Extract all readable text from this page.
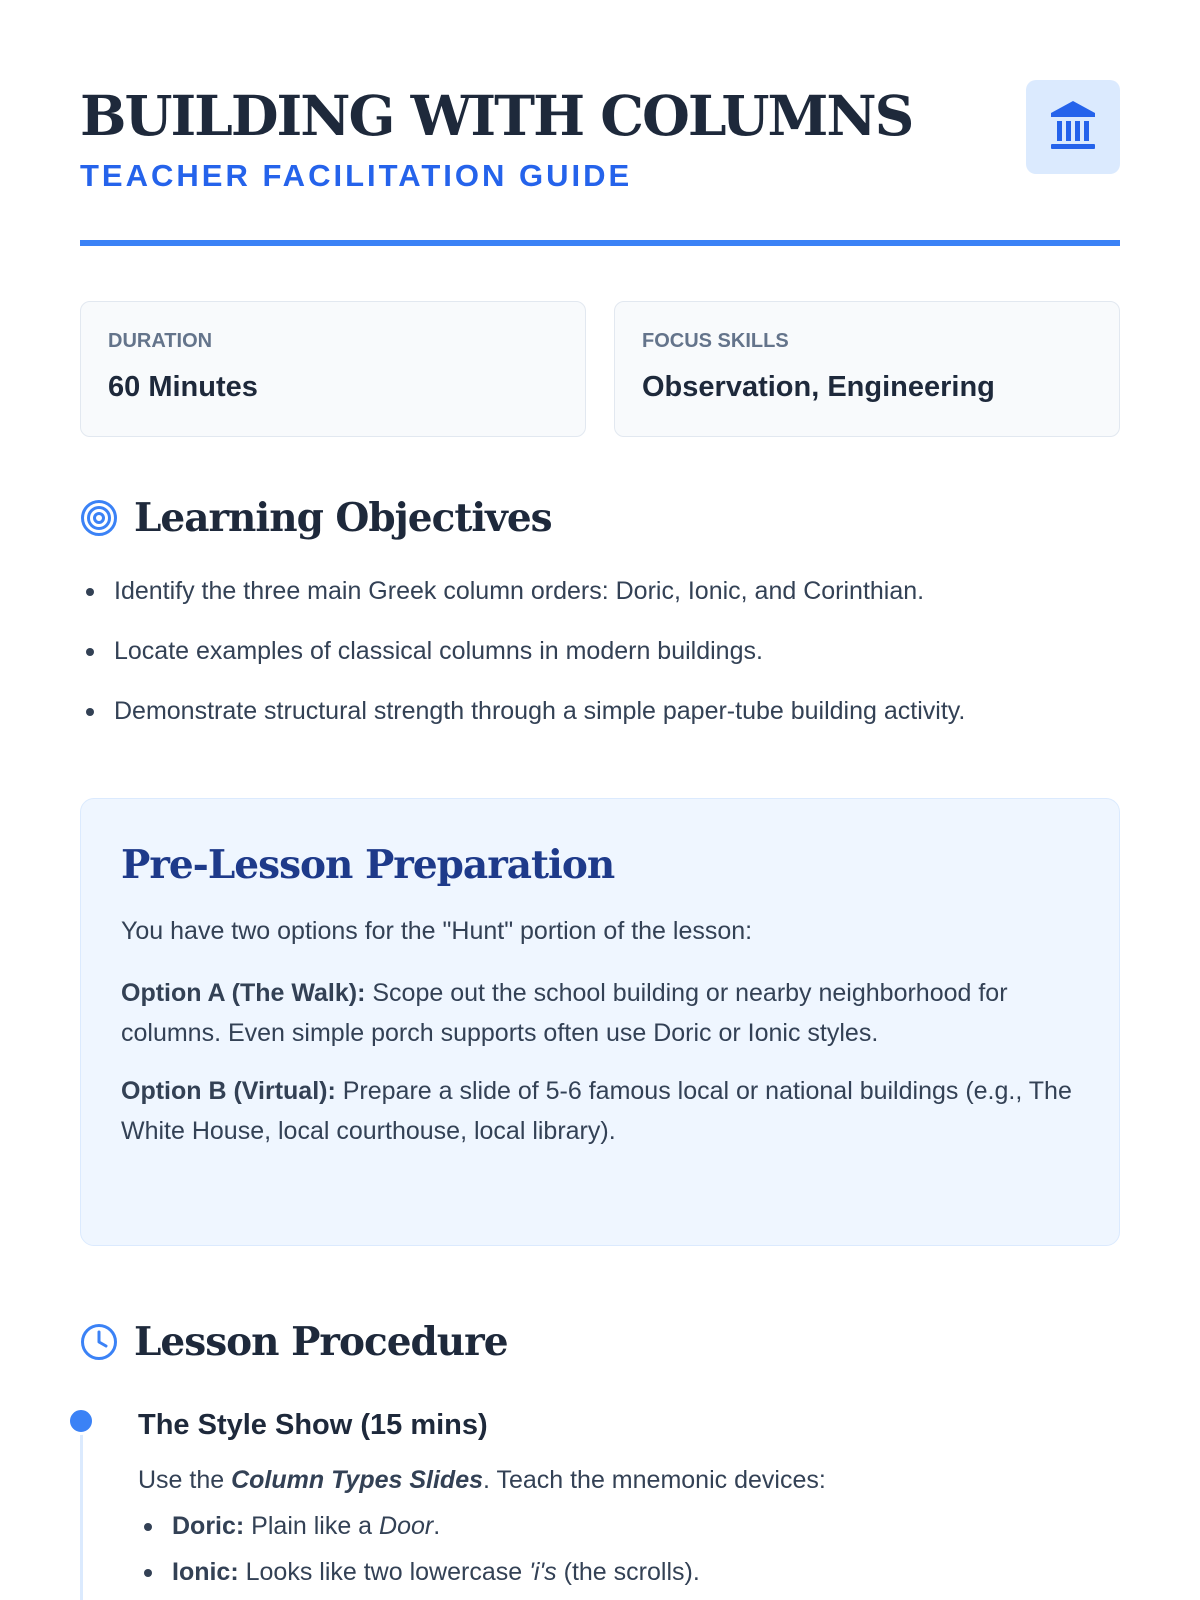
BUILDING WITH COLUMNS
TEACHER FACILITATION GUIDE
DURATION
60 Minutes
FOCUS SKILLS
Observation, Engineering
Learning Objectives
Identify the three main Greek column orders: Doric, Ionic, and Corinthian.
Locate examples of classical columns in modern buildings.
Demonstrate structural strength through a simple paper-tube building activity.
Pre-Lesson Preparation
You have two options for the "Hunt" portion of the lesson:
Option A (The Walk): Scope out the school building or nearby neighborhood for columns. Even simple porch supports often use Doric or Ionic styles.
Option B (Virtual): Prepare a slide of 5-6 famous local or national buildings (e.g., The White House, local courthouse, local library).
Lesson Procedure
The Style Show (15 mins)
Use the Column Types Slides. Teach the mnemonic devices:
Doric: Plain like a Door.
Ionic: Looks like two lowercase 'i's (the scrolls).
